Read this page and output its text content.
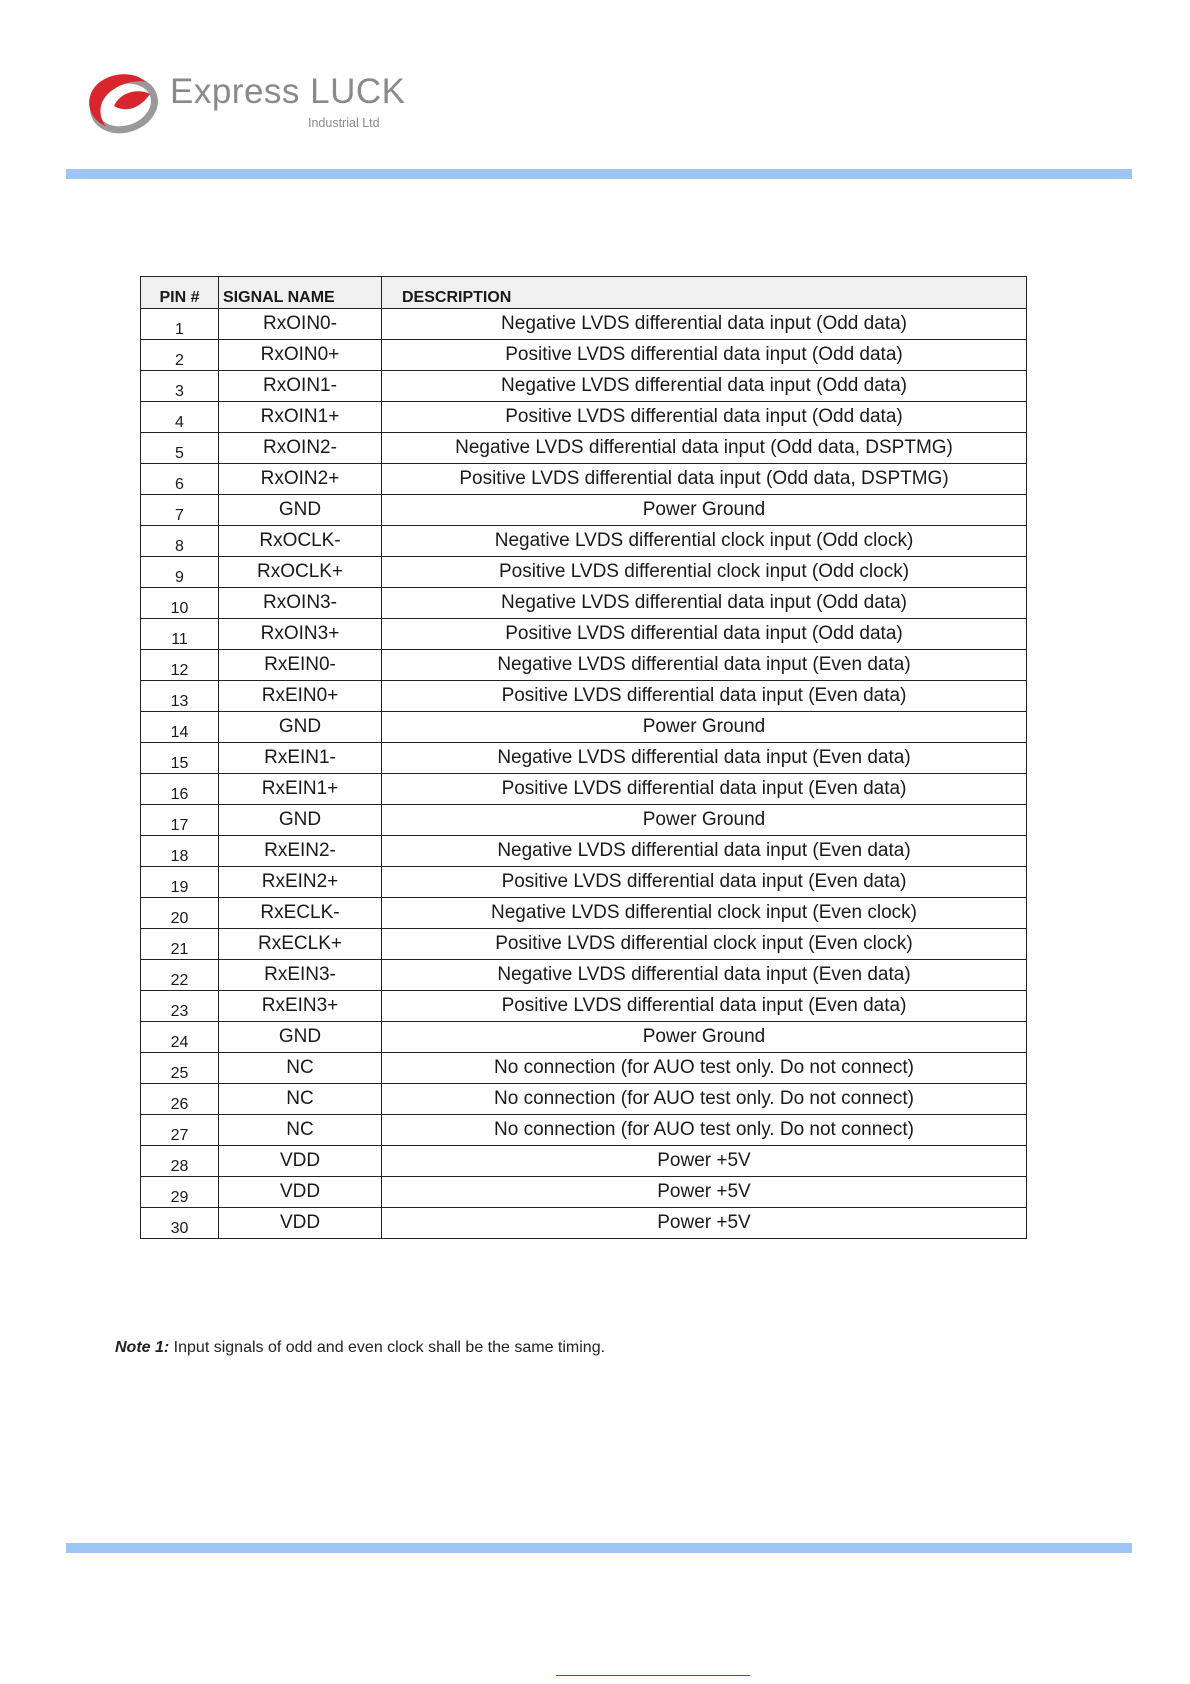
Express LUCK
Industrial Ltd
PIN #	SIGNAL NAME	DESCRIPTION
1	RxOIN0-	Negative LVDS differential data input (Odd data)
2	RxOIN0+	Positive LVDS differential data input (Odd data)
3	RxOIN1-	Negative LVDS differential data input (Odd data)
4	RxOIN1+	Positive LVDS differential data input (Odd data)
5	RxOIN2-	Negative LVDS differential data input (Odd data, DSPTMG)
6	RxOIN2+	Positive LVDS differential data input (Odd data, DSPTMG)
7	GND	Power Ground
8	RxOCLK-	Negative LVDS differential clock input (Odd clock)
9	RxOCLK+	Positive LVDS differential clock input (Odd clock)
10	RxOIN3-	Negative LVDS differential data input (Odd data)
11	RxOIN3+	Positive LVDS differential data input (Odd data)
12	RxEIN0-	Negative LVDS differential data input (Even data)
13	RxEIN0+	Positive LVDS differential data input (Even data)
14	GND	Power Ground
15	RxEIN1-	Negative LVDS differential data input (Even data)
16	RxEIN1+	Positive LVDS differential data input (Even data)
17	GND	Power Ground
18	RxEIN2-	Negative LVDS differential data input (Even data)
19	RxEIN2+	Positive LVDS differential data input (Even data)
20	RxECLK-	Negative LVDS differential clock input (Even clock)
21	RxECLK+	Positive LVDS differential clock input (Even clock)
22	RxEIN3-	Negative LVDS differential data input (Even data)
23	RxEIN3+	Positive LVDS differential data input (Even data)
24	GND	Power Ground
25	NC	No connection (for AUO test only. Do not connect)
26	NC	No connection (for AUO test only. Do not connect)
27	NC	No connection (for AUO test only. Do not connect)
28	VDD	Power +5V
29	VDD	Power +5V
30	VDD	Power +5V
Note 1: Input signals of odd and even clock shall be the same timing.
